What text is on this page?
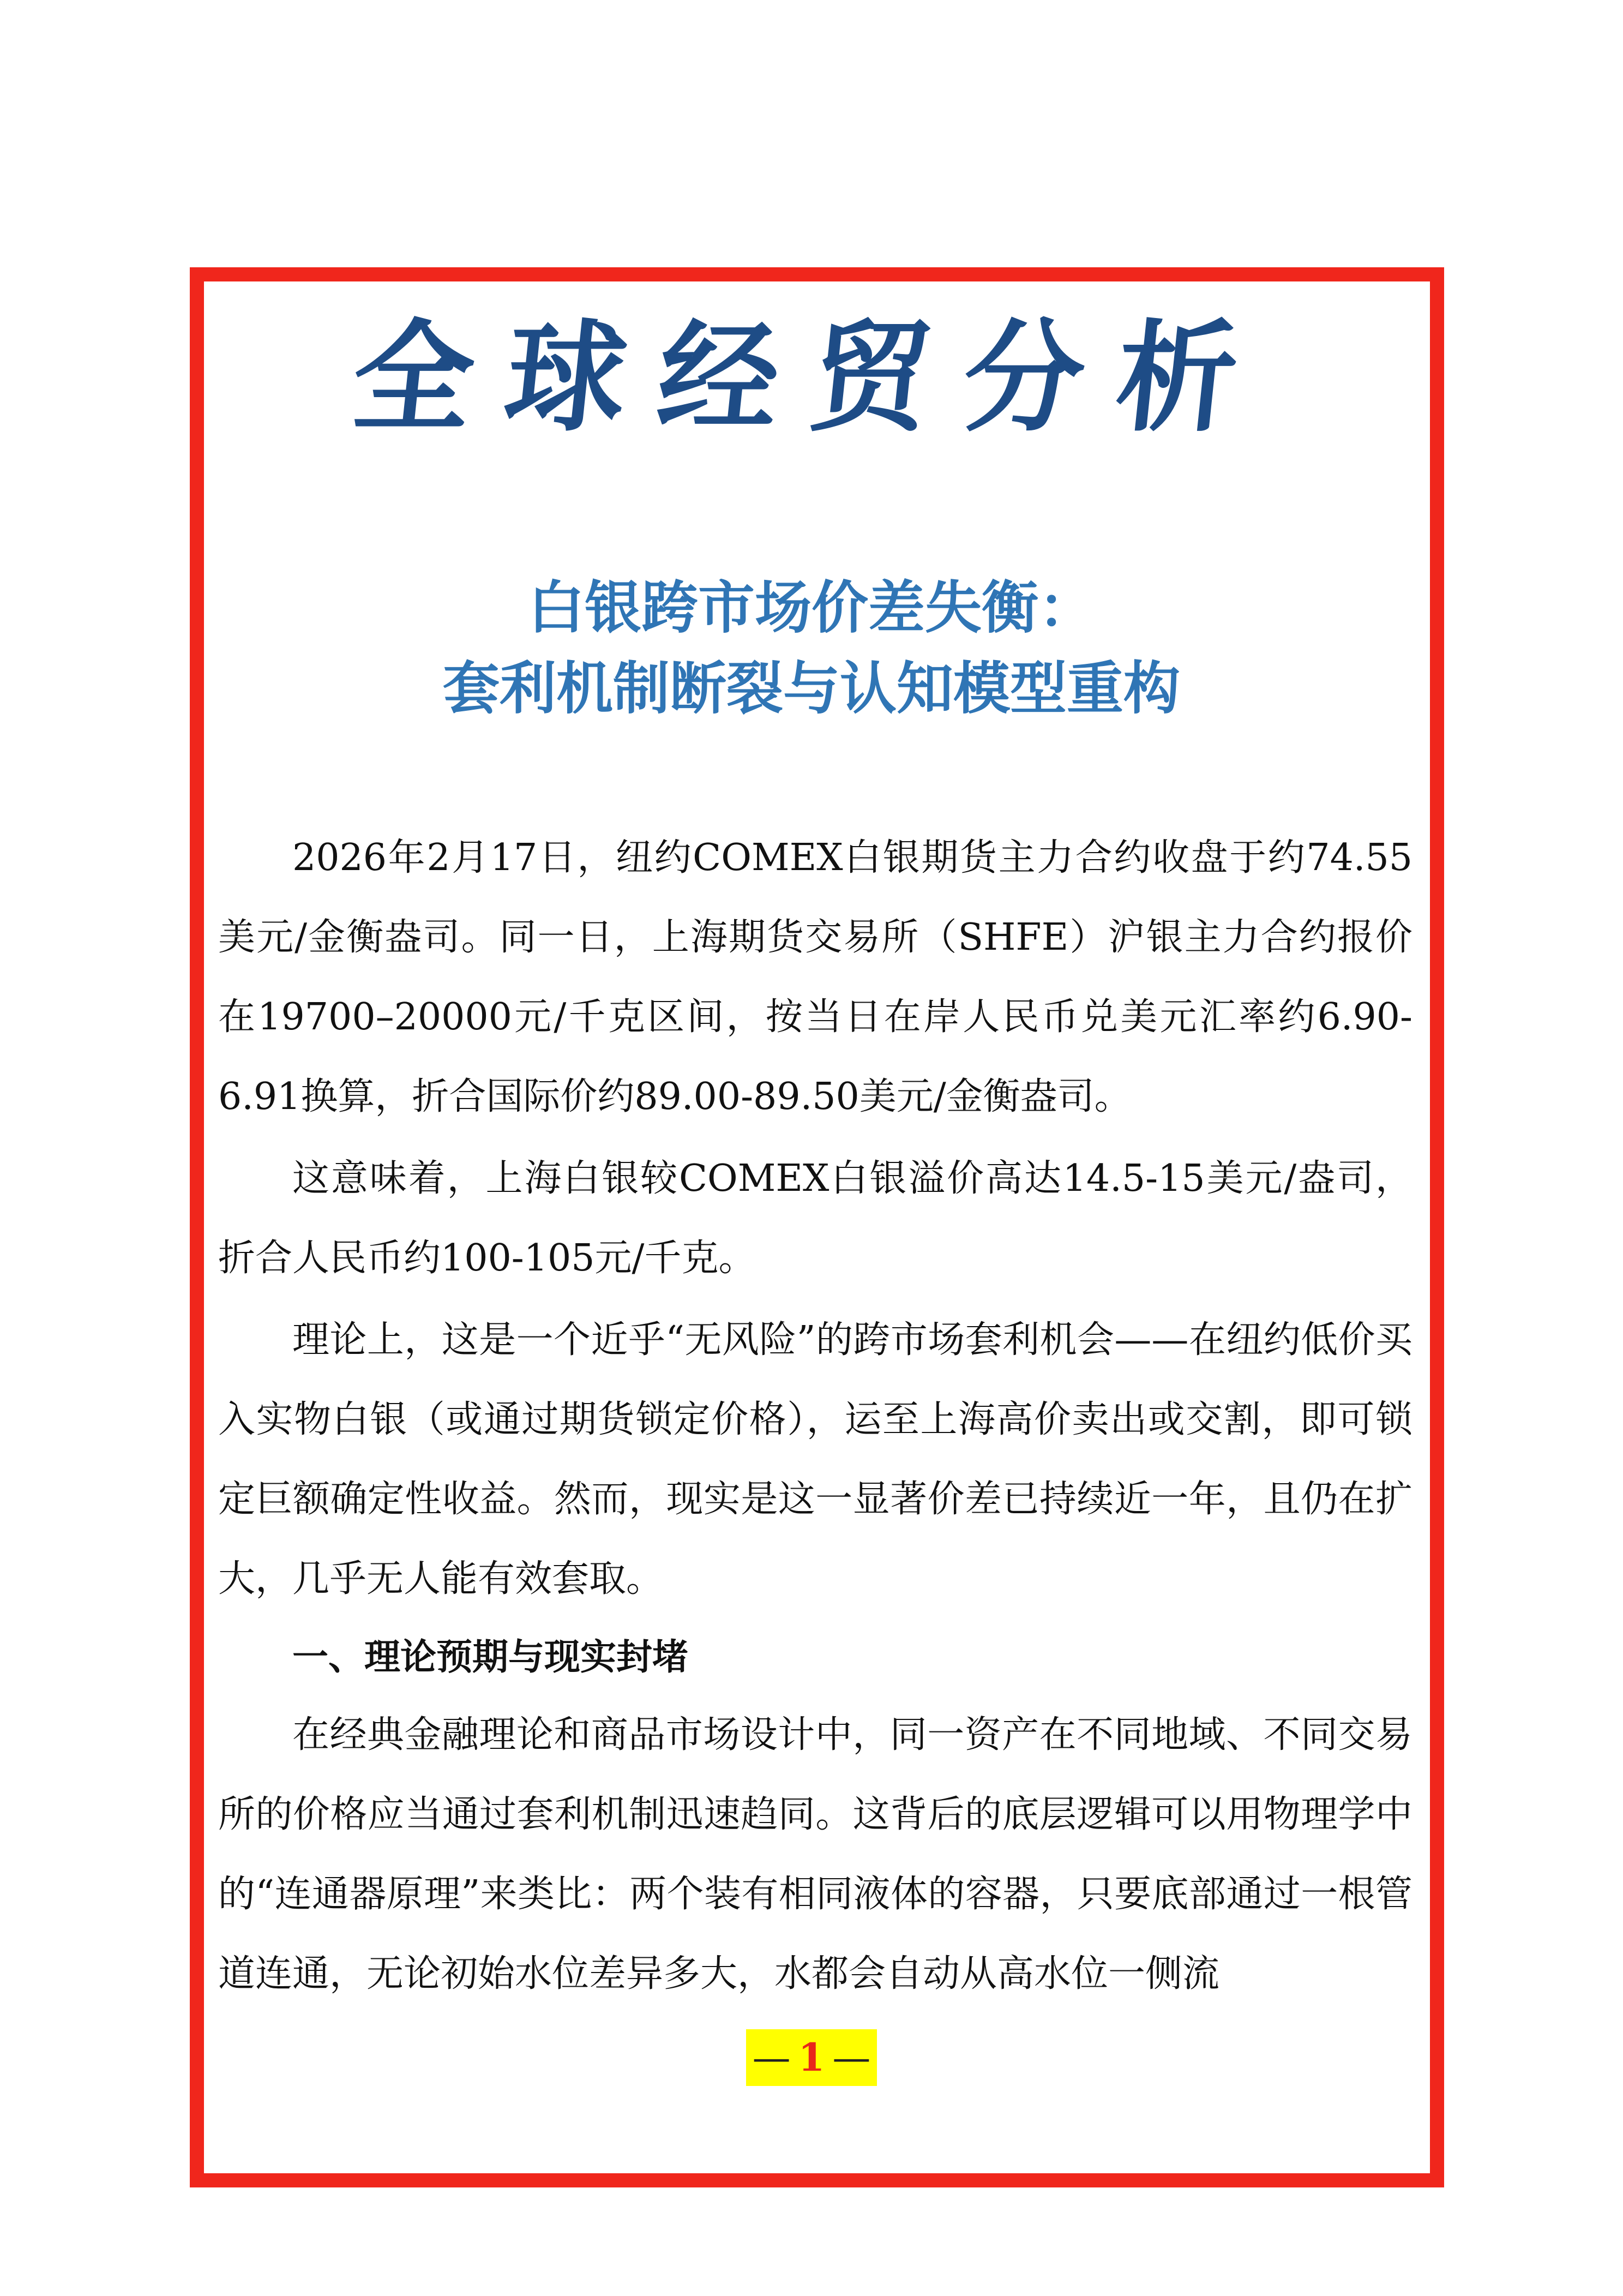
全球经贸分析
白银跨市场价差失衡：
套利机制断裂与认知模型重构

2026年2月17日，纽约COMEX白银期货主力合约收盘于约74.55美元/金衡盎司。同一日，上海期货交易所（SHFE）沪银主力合约报价在19700–20000元/千克区间，按当日在岸人民币兑美元汇率约6.90-6.91换算，折合国际价约89.00-89.50美元/金衡盎司。

这意味着，上海白银较COMEX白银溢价高达14.5-15美元/盎司，折合人民币约100-105元/千克。

理论上，这是一个近乎“无风险”的跨市场套利机会——在纽约低价买入实物白银（或通过期货锁定价格），运至上海高价卖出或交割，即可锁定巨额确定性收益。然而，现实是这一显著价差已持续近一年，且仍在扩大，几乎无人能有效套取。

一、理论预期与现实封堵

在经典金融理论和商品市场设计中，同一资产在不同地域、不同交易所的价格应当通过套利机制迅速趋同。这背后的底层逻辑可以用物理学中的“连通器原理”来类比：两个装有相同液体的容器，只要底部通过一根管道连通，无论初始水位差异多大，水都会自动从高水位一侧流

— 1 —
